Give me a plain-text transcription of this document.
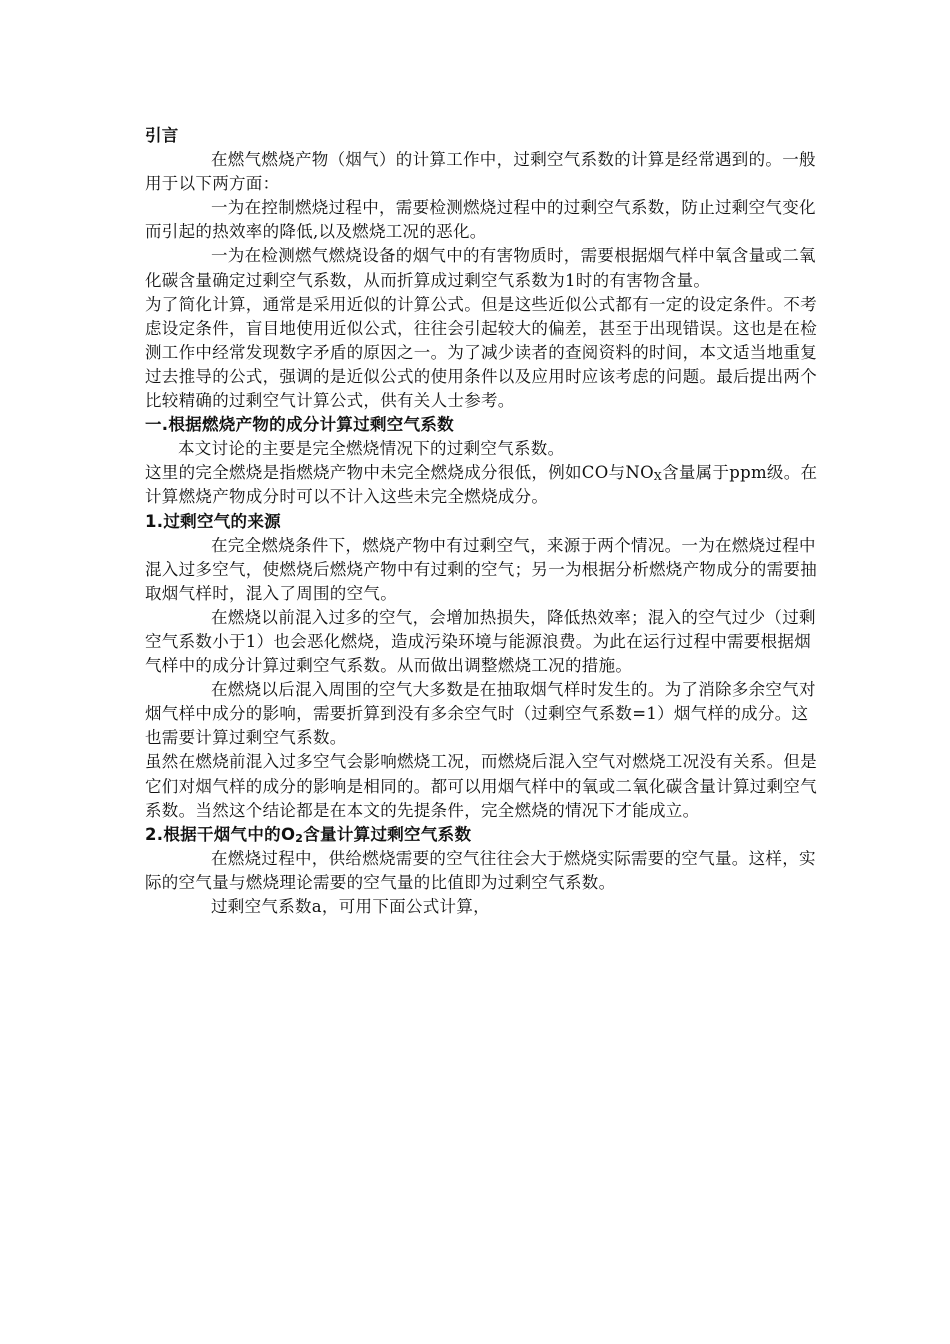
引言

在燃气燃烧产物（烟气）的计算工作中，过剩空气系数的计算是经常遇到的。一般用于以下两方面：

一为在控制燃烧过程中，需要检测燃烧过程中的过剩空气系数，防止过剩空气变化而引起的热效率的降低,以及燃烧工况的恶化。

一为在检测燃气燃烧设备的烟气中的有害物质时，需要根据烟气样中氧含量或二氧化碳含量确定过剩空气系数，从而折算成过剩空气系数为1时的有害物含量。

为了简化计算，通常是采用近似的计算公式。但是这些近似公式都有一定的设定条件。不考虑设定条件，盲目地使用近似公式，往往会引起较大的偏差，甚至于出现错误。这也是在检测工作中经常发现数字矛盾的原因之一。为了减少读者的查阅资料的时间，本文适当地重复过去推导的公式，强调的是近似公式的使用条件以及应用时应该考虑的问题。最后提出两个比较精确的过剩空气计算公式，供有关人士参考。

一.根据燃烧产物的成分计算过剩空气系数

本文讨论的主要是完全燃烧情况下的过剩空气系数。

这里的完全燃烧是指燃烧产物中未完全燃烧成分很低，例如CO与$NO_X$含量属于ppm级。在计算燃烧产物成分时可以不计入这些未完全燃烧成分。

1.过剩空气的来源

在完全燃烧条件下，燃烧产物中有过剩空气，来源于两个情况。一为在燃烧过程中混入过多空气，使燃烧后燃烧产物中有过剩的空气；另一为根据分析燃烧产物成分的需要抽取烟气样时，混入了周围的空气。

在燃烧以前混入过多的空气，会增加热损失，降低热效率；混入的空气过少（过剩空气系数小于1）也会恶化燃烧，造成污染环境与能源浪费。为此在运行过程中需要根据烟气样中的成分计算过剩空气系数。从而做出调整燃烧工况的措施。

在燃烧以后混入周围的空气大多数是在抽取烟气样时发生的。为了消除多余空气对烟气样中成分的影响，需要折算到没有多余空气时（过剩空气系数=1）烟气样的成分。这也需要计算过剩空气系数。

虽然在燃烧前混入过多空气会影响燃烧工况，而燃烧后混入空气对燃烧工况没有关系。但是它们对烟气样的成分的影响是相同的。都可以用烟气样中的氧或二氧化碳含量计算过剩空气系数。当然这个结论都是在本文的先提条件，完全燃烧的情况下才能成立。

2.根据干烟气中的$O_2$含量计算过剩空气系数

在燃烧过程中，供给燃烧需要的空气往往会大于燃烧实际需要的空气量。这样，实际的空气量与燃烧理论需要的空气量的比值即为过剩空气系数。

过剩空气系数a，可用下面公式计算，
